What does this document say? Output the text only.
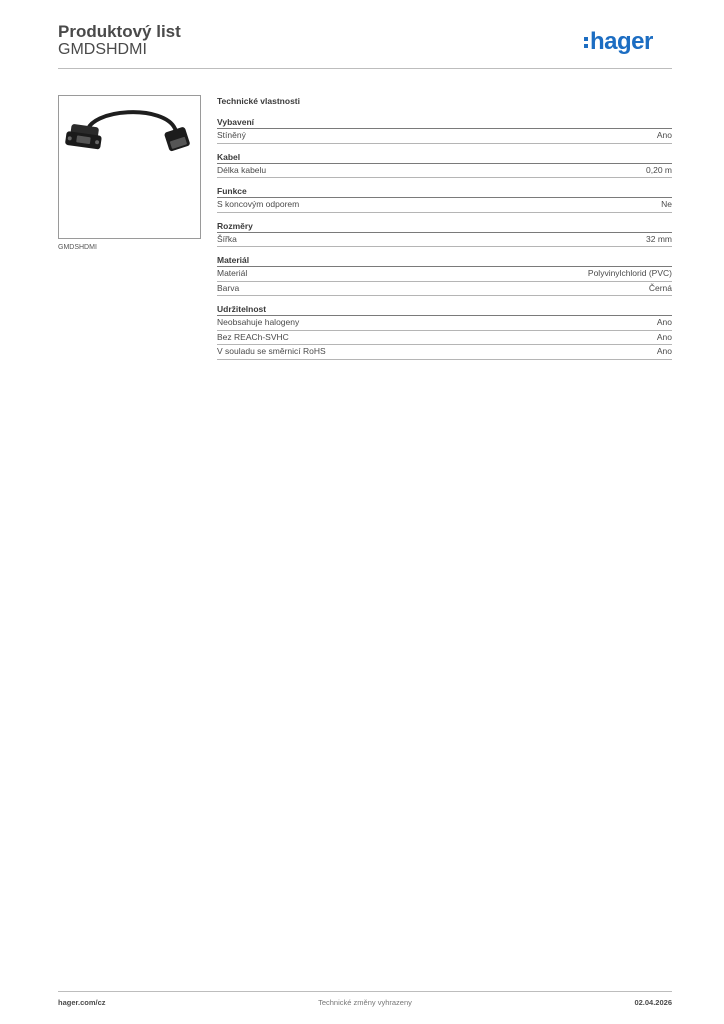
Produktový list
GMDSHDMI	hager
GMDSHDMI
Technické vlastnosti
Vybavení
Stíněný	Ano
Kabel
Délka kabelu	0,20 m
Funkce
S koncovým odporem	Ne
Rozměry
Šířka	32 mm
Materiál
Materiál	Polyvinylchlorid (PVC)
Barva	Černá
Udržitelnost
Neobsahuje halogeny	Ano
Bez REACh-SVHC	Ano
V souladu se směrnicí RoHS	Ano
hager.com/cz	Technické změny vyhrazeny	02.04.2026
